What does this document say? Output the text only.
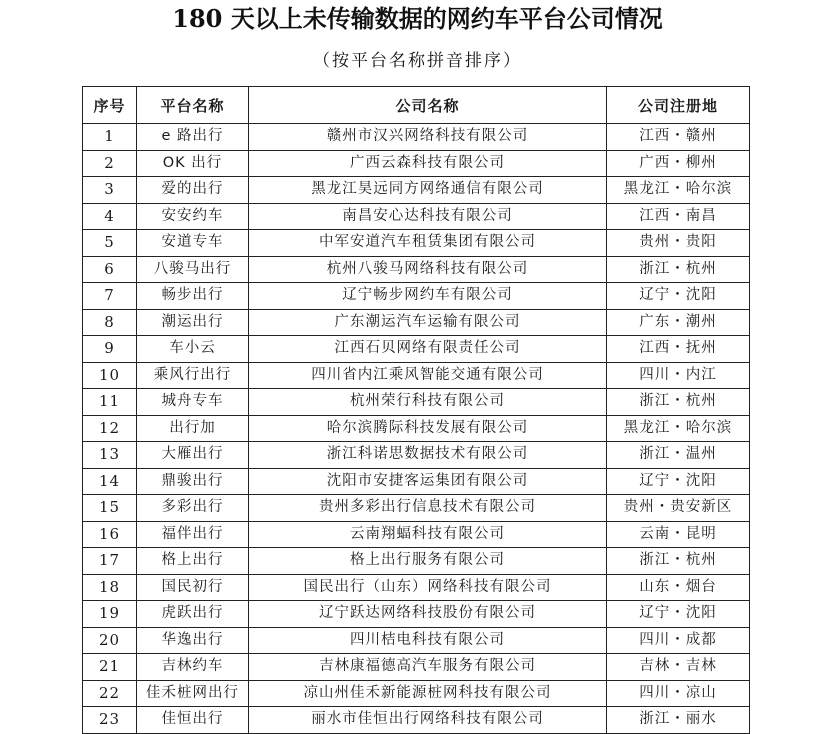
180 天以上未传输数据的网约车平台公司情况
（按平台名称拼音排序）
序号	平台名称	公司名称	公司注册地
1	e 路出行	赣州市汉兴网络科技有限公司	江西・赣州
2	OK 出行	广西云森科技有限公司	广西・柳州
3	爱的出行	黑龙江昊远同方网络通信有限公司	黑龙江・哈尔滨
4	安安约车	南昌安心达科技有限公司	江西・南昌
5	安道专车	中军安道汽车租赁集团有限公司	贵州・贵阳
6	八骏马出行	杭州八骏马网络科技有限公司	浙江・杭州
7	畅步出行	辽宁畅步网约车有限公司	辽宁・沈阳
8	潮运出行	广东潮运汽车运输有限公司	广东・潮州
9	车小云	江西石贝网络有限责任公司	江西・抚州
10	乘风行出行	四川省内江乘风智能交通有限公司	四川・内江
11	城舟专车	杭州荣行科技有限公司	浙江・杭州
12	出行加	哈尔滨腾际科技发展有限公司	黑龙江・哈尔滨
13	大雁出行	浙江科诺思数据技术有限公司	浙江・温州
14	鼎骏出行	沈阳市安捷客运集团有限公司	辽宁・沈阳
15	多彩出行	贵州多彩出行信息技术有限公司	贵州・贵安新区
16	福伴出行	云南翔蝠科技有限公司	云南・昆明
17	格上出行	格上出行服务有限公司	浙江・杭州
18	国民初行	国民出行（山东）网络科技有限公司	山东・烟台
19	虎跃出行	辽宁跃达网络科技股份有限公司	辽宁・沈阳
20	华逸出行	四川桔电科技有限公司	四川・成都
21	吉林约车	吉林康福德高汽车服务有限公司	吉林・吉林
22	佳禾桩网出行	凉山州佳禾新能源桩网科技有限公司	四川・凉山
23	佳恒出行	丽水市佳恒出行网络科技有限公司	浙江・丽水
